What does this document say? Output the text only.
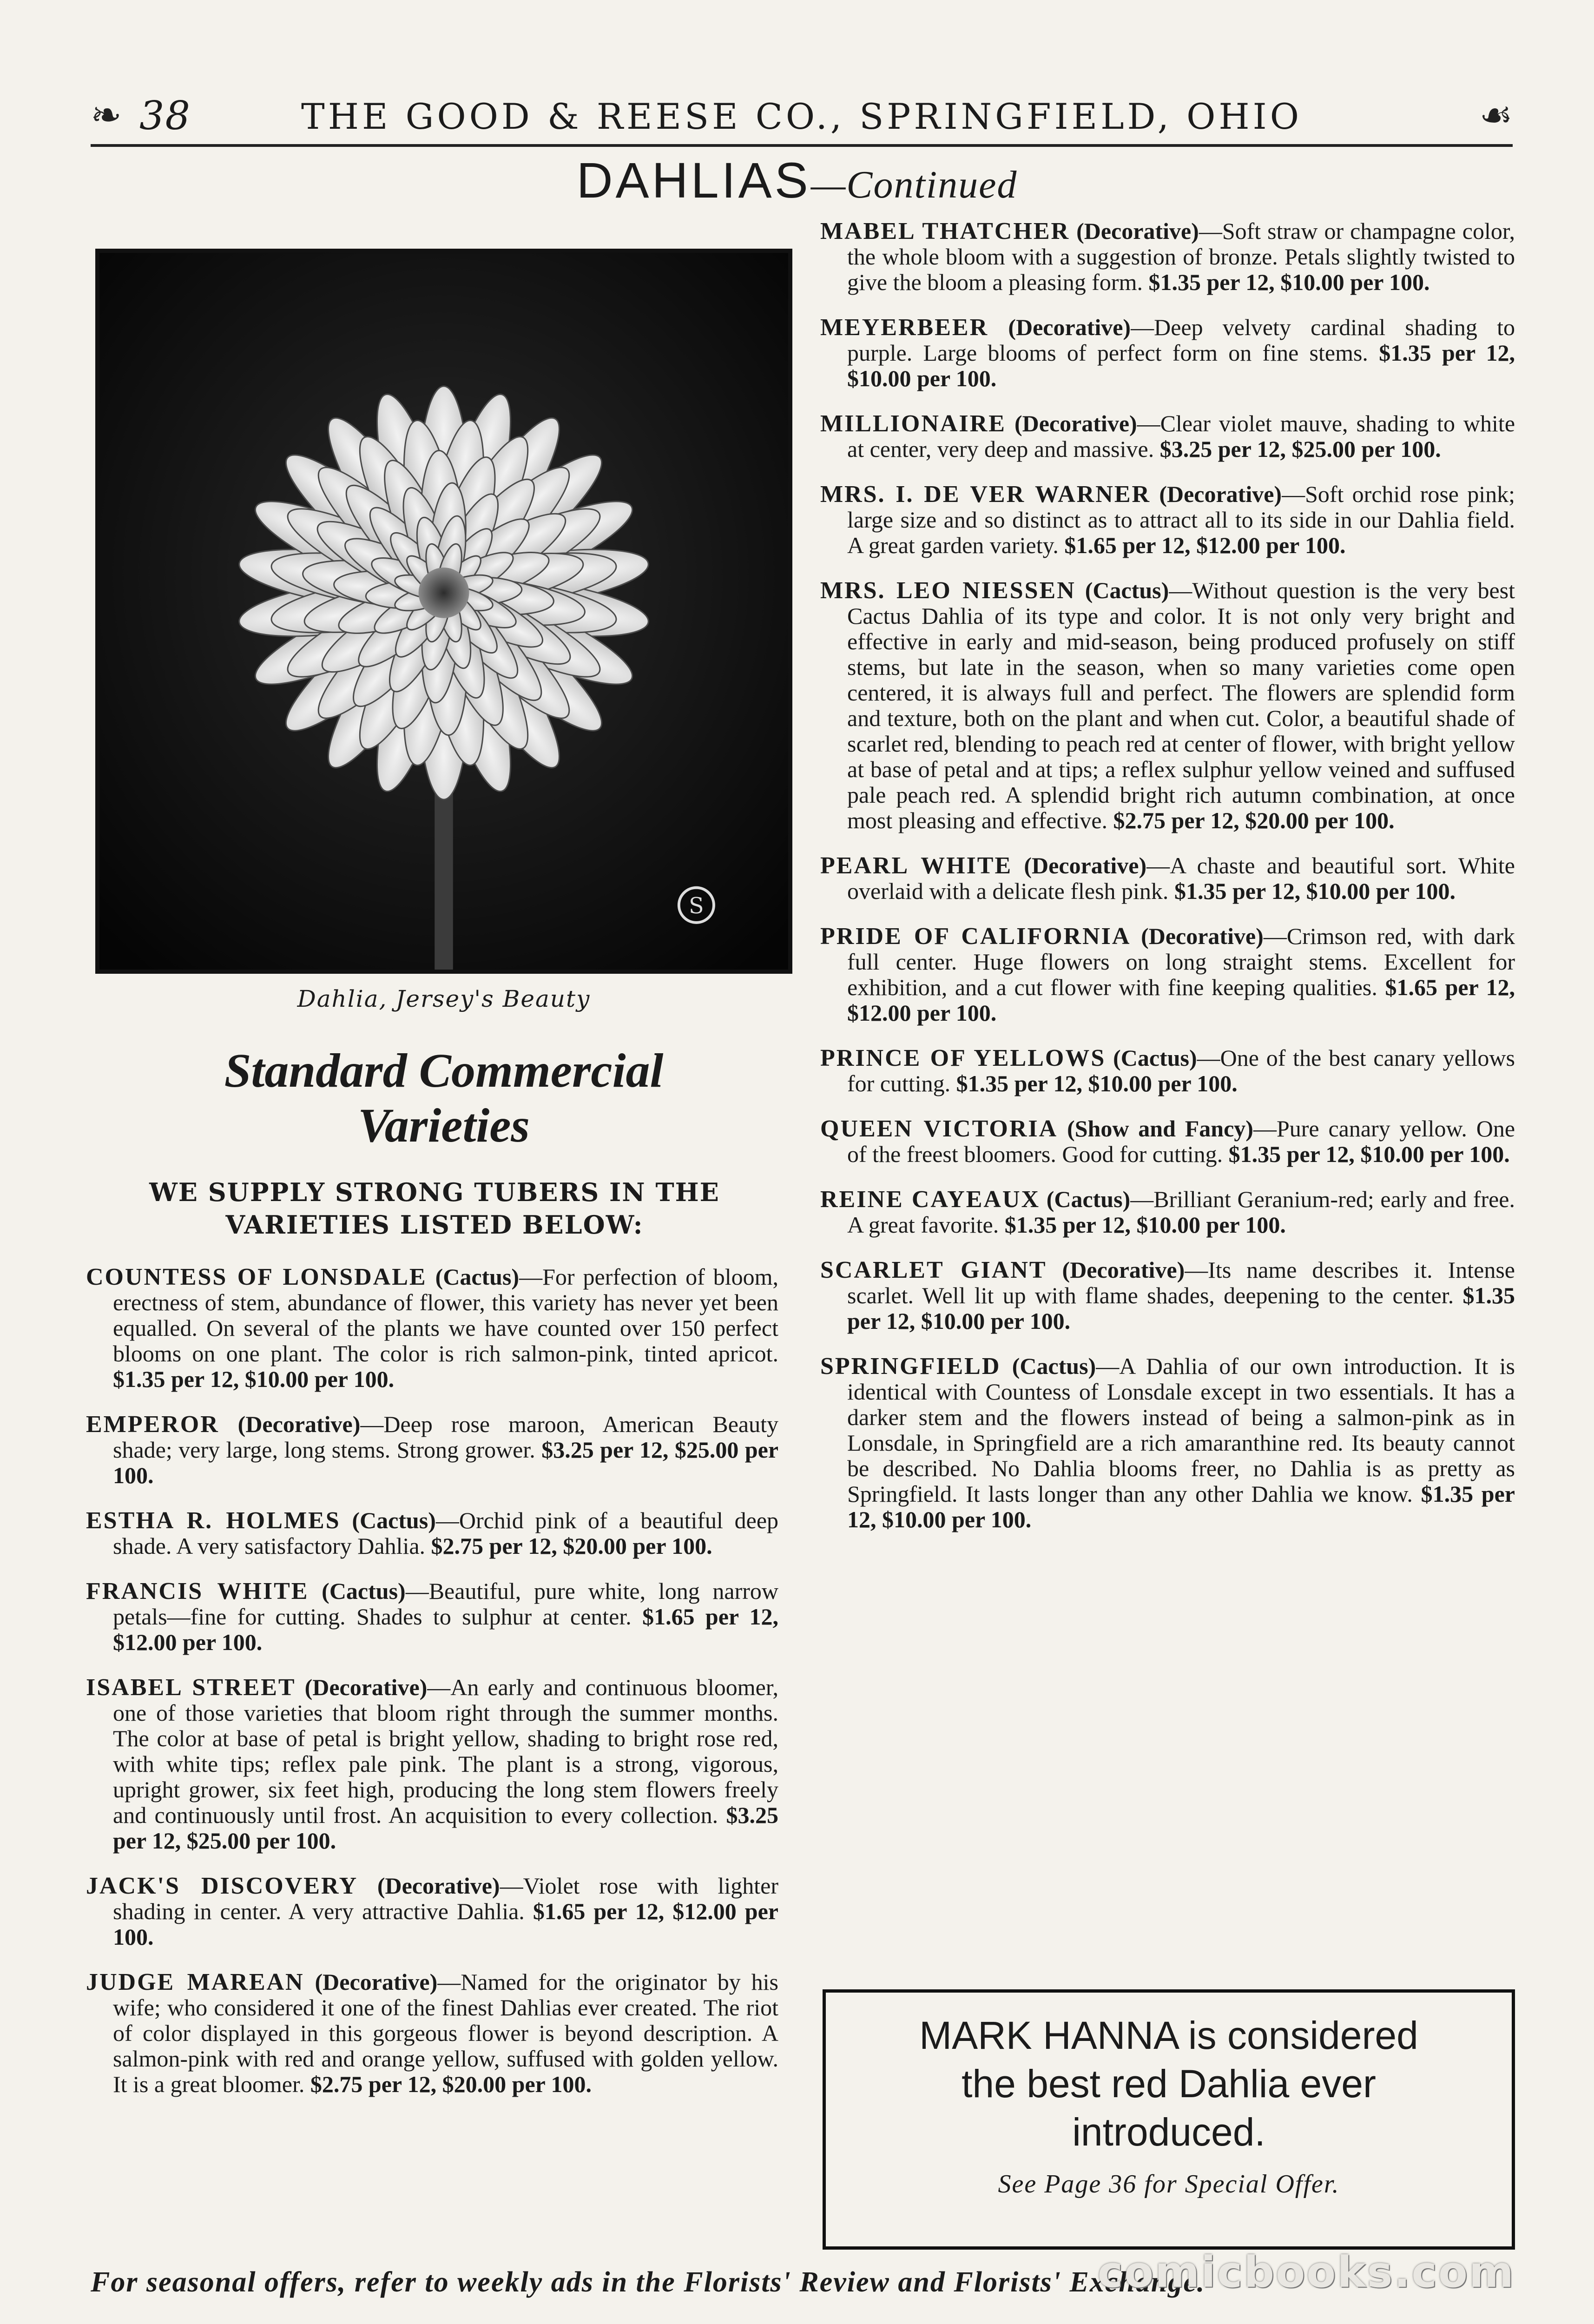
❧ 38	THE GOOD & REESE CO., SPRINGFIELD, OHIO	☙
DAHLIAS—Continued
S
Dahlia, Jersey's Beauty
Standard Commercial
Varieties
WE SUPPLY STRONG TUBERS IN THE VARIETIES LISTED BELOW:

COUNTESS OF LONSDALE (Cactus)—For perfection of bloom, erectness of stem, abundance of flower, this variety has never yet been equalled. On several of the plants we have counted over 150 perfect blooms on one plant. The color is rich salmon-pink, tinted apricot. $1.35 per 12, $10.00 per 100.

EMPEROR (Decorative)—Deep rose maroon, American Beauty shade; very large, long stems. Strong grower. $3.25 per 12, $25.00 per 100.

ESTHA R. HOLMES (Cactus)—Orchid pink of a beautiful deep shade. A very satisfactory Dahlia. $2.75 per 12, $20.00 per 100.

FRANCIS WHITE (Cactus)—Beautiful, pure white, long narrow petals—fine for cutting. Shades to sulphur at center. $1.65 per 12, $12.00 per 100.

ISABEL STREET (Decorative)—An early and continuous bloomer, one of those varieties that bloom right through the summer months. The color at base of petal is bright yellow, shading to bright rose red, with white tips; reflex pale pink. The plant is a strong, vigorous, upright grower, six feet high, producing the long stem flowers freely and continuously until frost. An acquisition to every collection. $3.25 per 12, $25.00 per 100.

JACK'S DISCOVERY (Decorative)—Violet rose with lighter shading in center. A very attractive Dahlia. $1.65 per 12, $12.00 per 100.

JUDGE MAREAN (Decorative)—Named for the originator by his wife; who considered it one of the finest Dahlias ever created. The riot of color displayed in this gorgeous flower is beyond description. A salmon-pink with red and orange yellow, suffused with golden yellow. It is a great bloomer. $2.75 per 12, $20.00 per 100.

MABEL THATCHER (Decorative)—Soft straw or champagne color, the whole bloom with a suggestion of bronze. Petals slightly twisted to give the bloom a pleasing form. $1.35 per 12, $10.00 per 100.

MEYERBEER (Decorative)—Deep velvety cardinal shading to purple. Large blooms of perfect form on fine stems. $1.35 per 12, $10.00 per 100.

MILLIONAIRE (Decorative)—Clear violet mauve, shading to white at center, very deep and massive. $3.25 per 12, $25.00 per 100.

MRS. I. DE VER WARNER (Decorative)—Soft orchid rose pink; large size and so distinct as to attract all to its side in our Dahlia field. A great garden variety. $1.65 per 12, $12.00 per 100.

MRS. LEO NIESSEN (Cactus)—Without question is the very best Cactus Dahlia of its type and color. It is not only very bright and effective in early and mid-season, being produced profusely on stiff stems, but late in the season, when so many varieties come open centered, it is always full and perfect. The flowers are splendid form and texture, both on the plant and when cut. Color, a beautiful shade of scarlet red, blending to peach red at center of flower, with bright yellow at base of petal and at tips; a reflex sulphur yellow veined and suffused pale peach red. A splendid bright rich autumn combination, at once most pleasing and effective. $2.75 per 12, $20.00 per 100.

PEARL WHITE (Decorative)—A chaste and beautiful sort. White overlaid with a delicate flesh pink. $1.35 per 12, $10.00 per 100.

PRIDE OF CALIFORNIA (Decorative)—Crimson red, with dark full center. Huge flowers on long straight stems. Excellent for exhibition, and a cut flower with fine keeping qualities. $1.65 per 12, $12.00 per 100.

PRINCE OF YELLOWS (Cactus)—One of the best canary yellows for cutting. $1.35 per 12, $10.00 per 100.

QUEEN VICTORIA (Show and Fancy)—Pure canary yellow. One of the freest bloomers. Good for cutting. $1.35 per 12, $10.00 per 100.

REINE CAYEAUX (Cactus)—Brilliant Geranium-red; early and free. A great favorite. $1.35 per 12, $10.00 per 100.

SCARLET GIANT (Decorative)—Its name describes it. Intense scarlet. Well lit up with flame shades, deepening to the center. $1.35 per 12, $10.00 per 100.

SPRINGFIELD (Cactus)—A Dahlia of our own introduction. It is identical with Countess of Lonsdale except in two essentials. It has a darker stem and the flowers instead of being a salmon-pink as in Lonsdale, in Springfield are a rich amaranthine red. Its beauty cannot be described. No Dahlia blooms freer, no Dahlia is as pretty as Springfield. It lasts longer than any other Dahlia we know. $1.35 per 12, $10.00 per 100.

MARK HANNA is considered
the best red Dahlia ever
introduced.
See Page 36 for Special Offer.
For seasonal offers, refer to weekly ads in the Florists' Review and Florists' Exchange.
comicbooks.com
